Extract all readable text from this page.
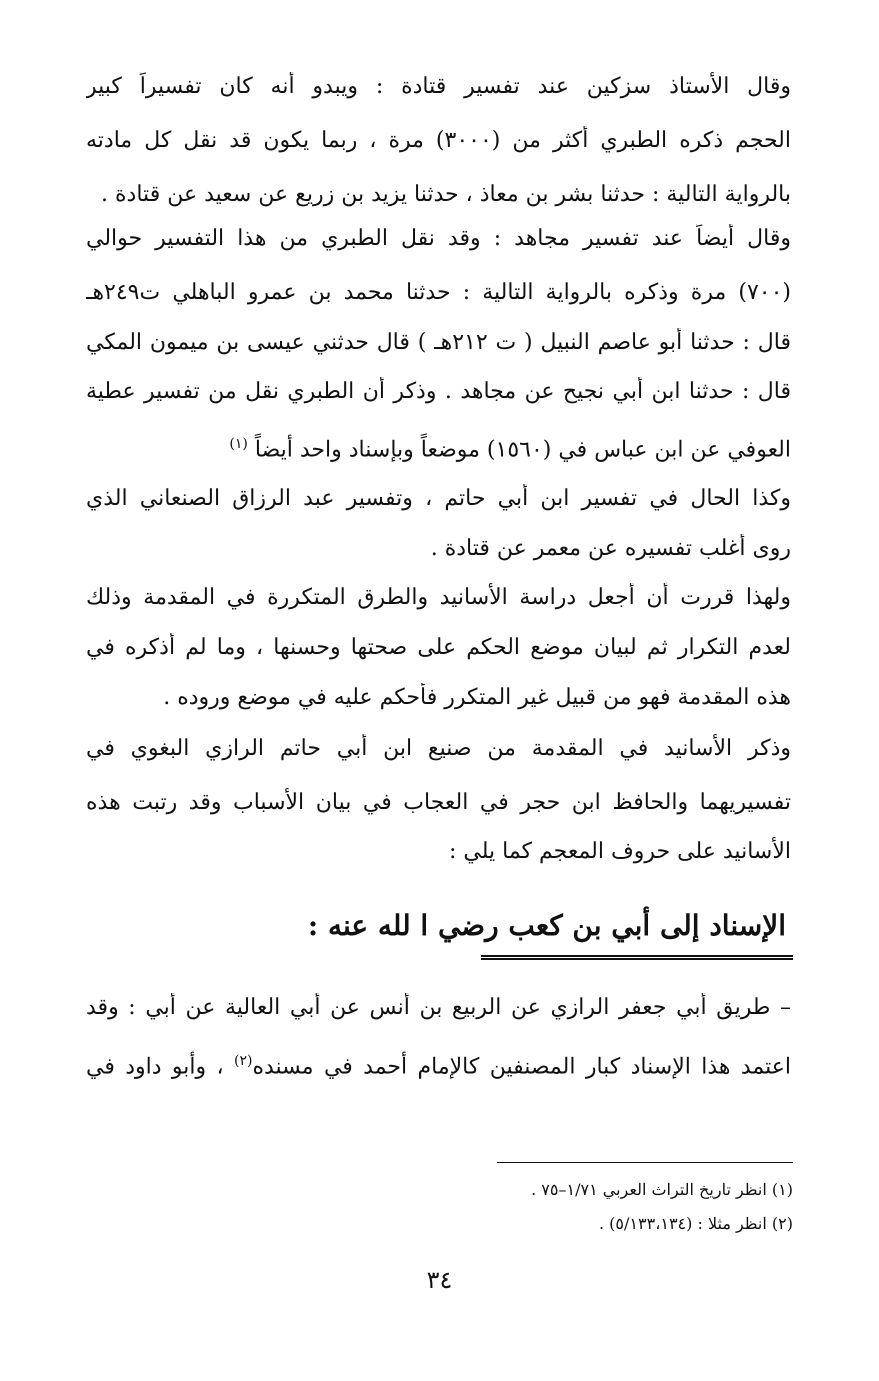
وقال الأستاذ سزكين عند تفسير قتادة : ويبدو أنه كان تفسيراً كبير
الحجم ذكره الطبري أكثر من (٣٠٠٠) مرة ، ربما يكون قد نقل كل مادته
بالرواية التالية : حدثنا بشر بن معاذ ، حدثنا يزيد بن زريع عن سعيد عن قتادة .
وقال أيضاً عند تفسير مجاهد : وقد نقل الطبري من هذا التفسير حوالي
(٧٠٠) مرة وذكره بالرواية التالية : حدثنا محمد بن عمرو الباهلي ت٢٤٩هـ
قال : حدثنا أبو عاصم النبيل ( ت ٢١٢هـ ) قال حدثني عيسى بن ميمون المكي
قال : حدثنا ابن أبي نجيح عن مجاهد . وذكر أن الطبري نقل من تفسير عطية
العوفي عن ابن عباس في (١٥٦٠) موضعاً وبإسناد واحد أيضاً $^{(١)}$
وكذا الحال في تفسير ابن أبي حاتم ، وتفسير عبد الرزاق الصنعاني الذي
روى أغلب تفسيره عن معمر عن قتادة .
ولهذا قررت أن أجعل دراسة الأسانيد والطرق المتكررة في المقدمة وذلك
لعدم التكرار ثم لبيان موضع الحكم على صحتها وحسنها ، وما لم أذكره في
هذه المقدمة فهو من قبيل غير المتكرر فأحكم عليه في موضع وروده .
وذكر الأسانيد في المقدمة من صنيع ابن أبي حاتم الرازي البغوي في
تفسيريهما والحافظ ابن حجر في العجاب في بيان الأسباب وقد رتبت هذه
الأسانيد على حروف المعجم كما يلي :
الإسناد إلى أبي بن كعب رضي ا لله عنه :
– طريق أبي جعفر الرازي عن الربيع بن أنس عن أبي العالية عن أُبي : وقد
اعتمد هذا الإسناد كبار المصنفين كالإمام أحمد في مسنده$^{(٢)}$ ، وأبو داود في
(١) انظر تاريخ التراث العربي ١/٧١–٧٥ .
(٢) انظر مثلا : (٥/١٣٣،١٣٤) .
٣٤
